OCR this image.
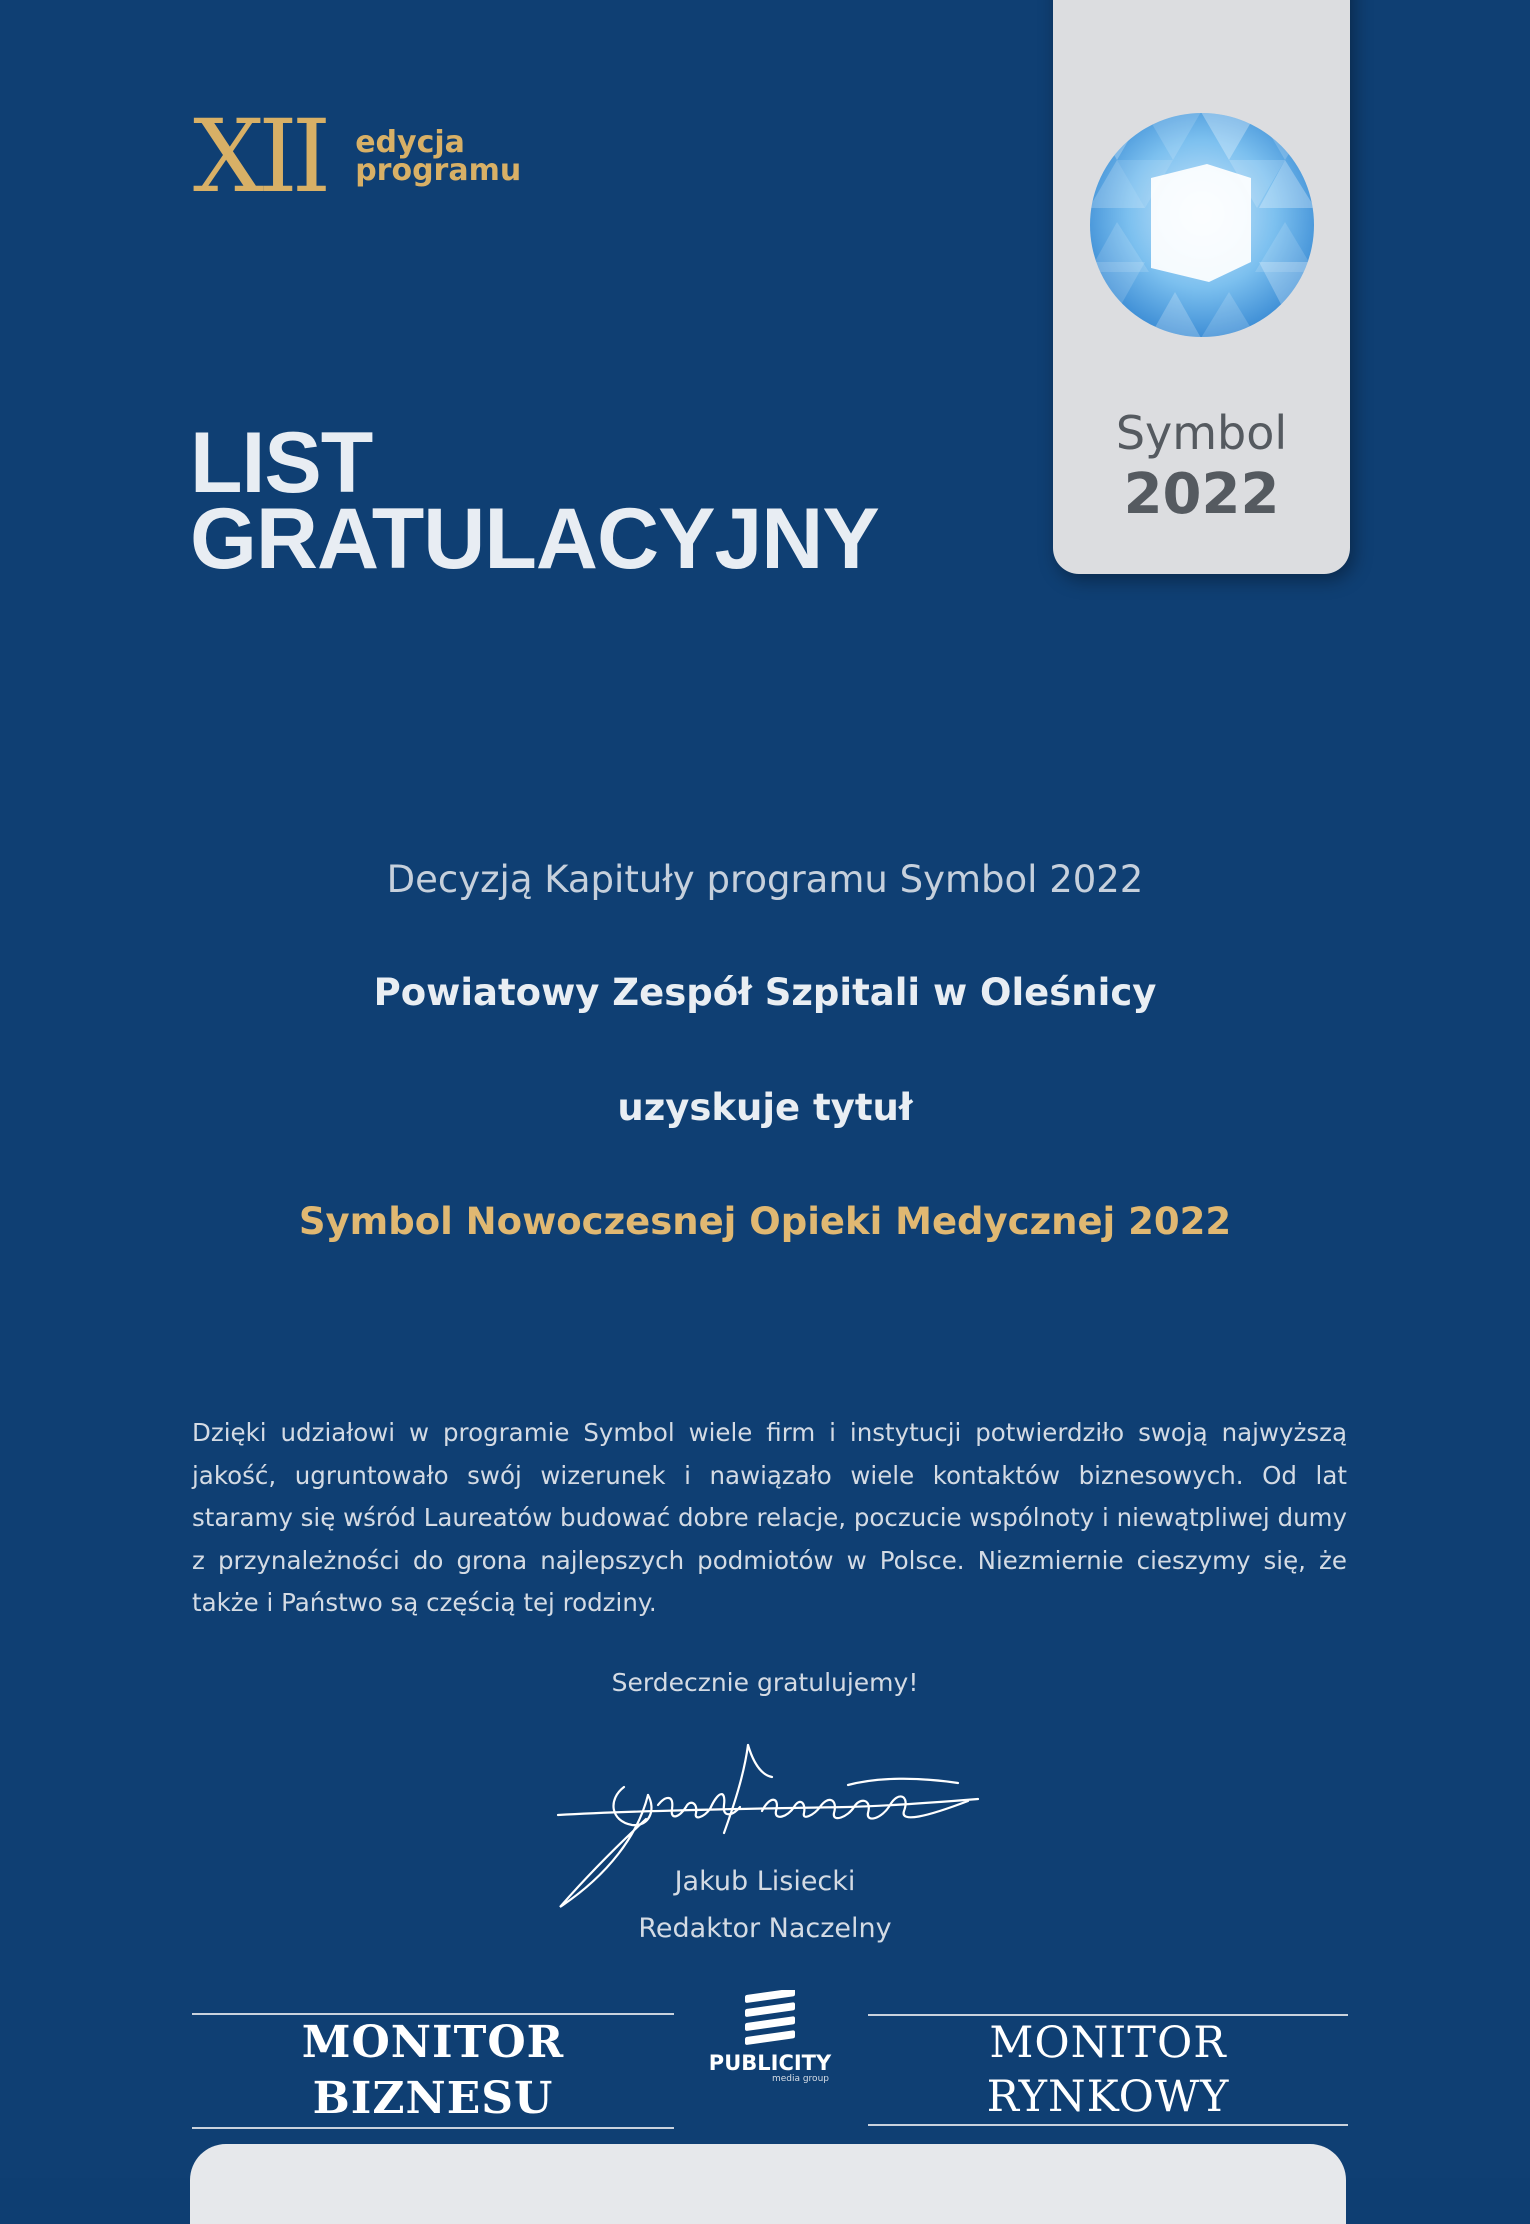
XII edycja
programu
LIST
GRATULACYJNY
Symbol
2022
Decyzją Kapituły programu Symbol 2022
Powiatowy Zespół Szpitali w Oleśnicy
uzyskuje tytuł
Symbol Nowoczesnej Opieki Medycznej 2022
Dzięki udziałowi w programie Symbol wiele firm i instytucji potwierdziło swoją najwyższą jakość, ugruntowało swój wizerunek i nawiązało wiele kontaktów biznesowych. Od lat staramy się wśród Laureatów budować dobre relacje, poczucie wspólnoty i niewątpliwej dumy z przynależności do grona najlepszych podmiotów w Polsce. Niezmiernie cieszymy się, że także i Państwo są częścią tej rodziny.
Serdecznie gratulujemy!
Jakub Lisiecki
Redaktor Naczelny
MONITOR BIZNESU
PUBLICITY
media group
MONITOR RYNKOWY
